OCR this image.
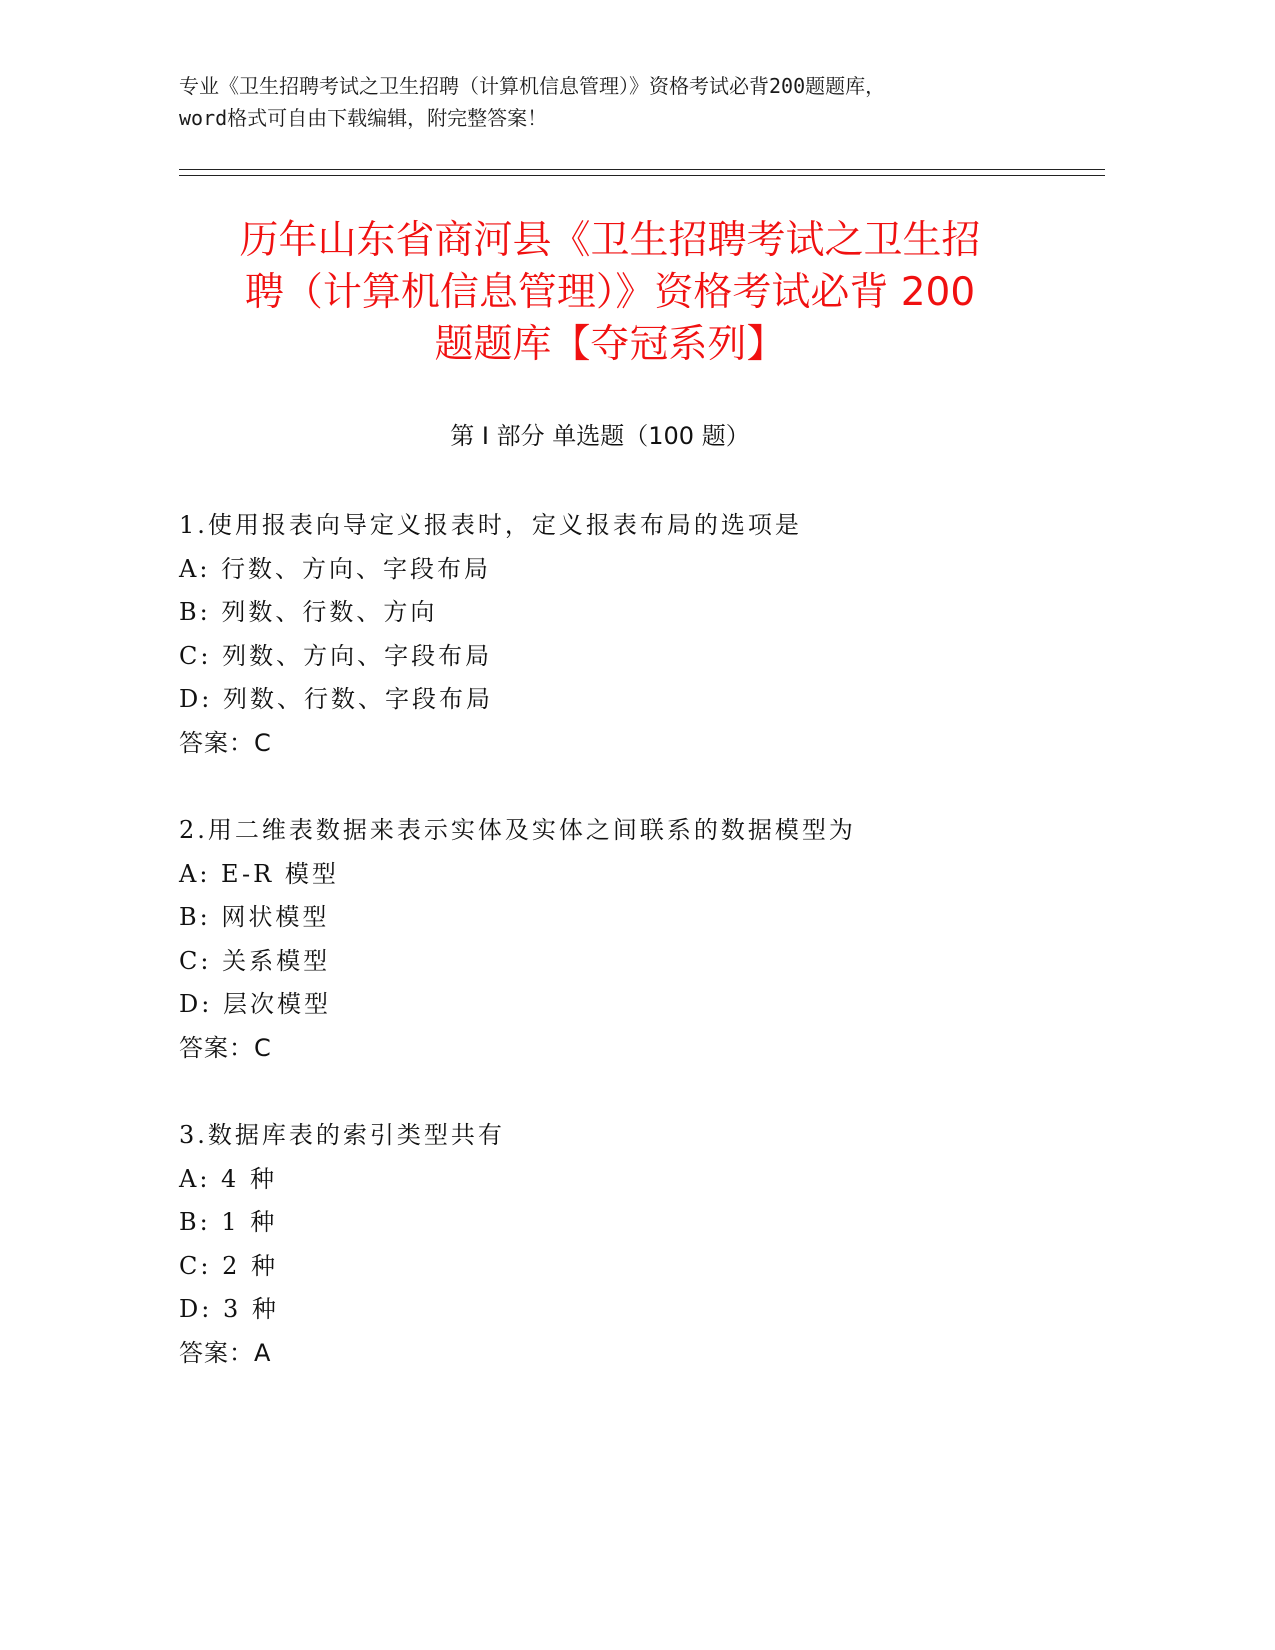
专业《卫生招聘考试之卫生招聘（计算机信息管理）》资格考试必背200题题库，
word格式可自由下载编辑，附完整答案！
历年山东省商河县《卫生招聘考试之卫生招
聘（计算机信息管理）》资格考试必背 200
题题库【夺冠系列】
第 I 部分 单选题（100 题）
1.使用报表向导定义报表时，定义报表布局的选项是
A: 行数、方向、字段布局
B: 列数、行数、方向
C: 列数、方向、字段布局
D: 列数、行数、字段布局
答案：C
2.用二维表数据来表示实体及实体之间联系的数据模型为
A: E-R 模型
B: 网状模型
C: 关系模型
D: 层次模型
答案：C
3.数据库表的索引类型共有
A: 4 种
B: 1 种
C: 2 种
D: 3 种
答案：A
